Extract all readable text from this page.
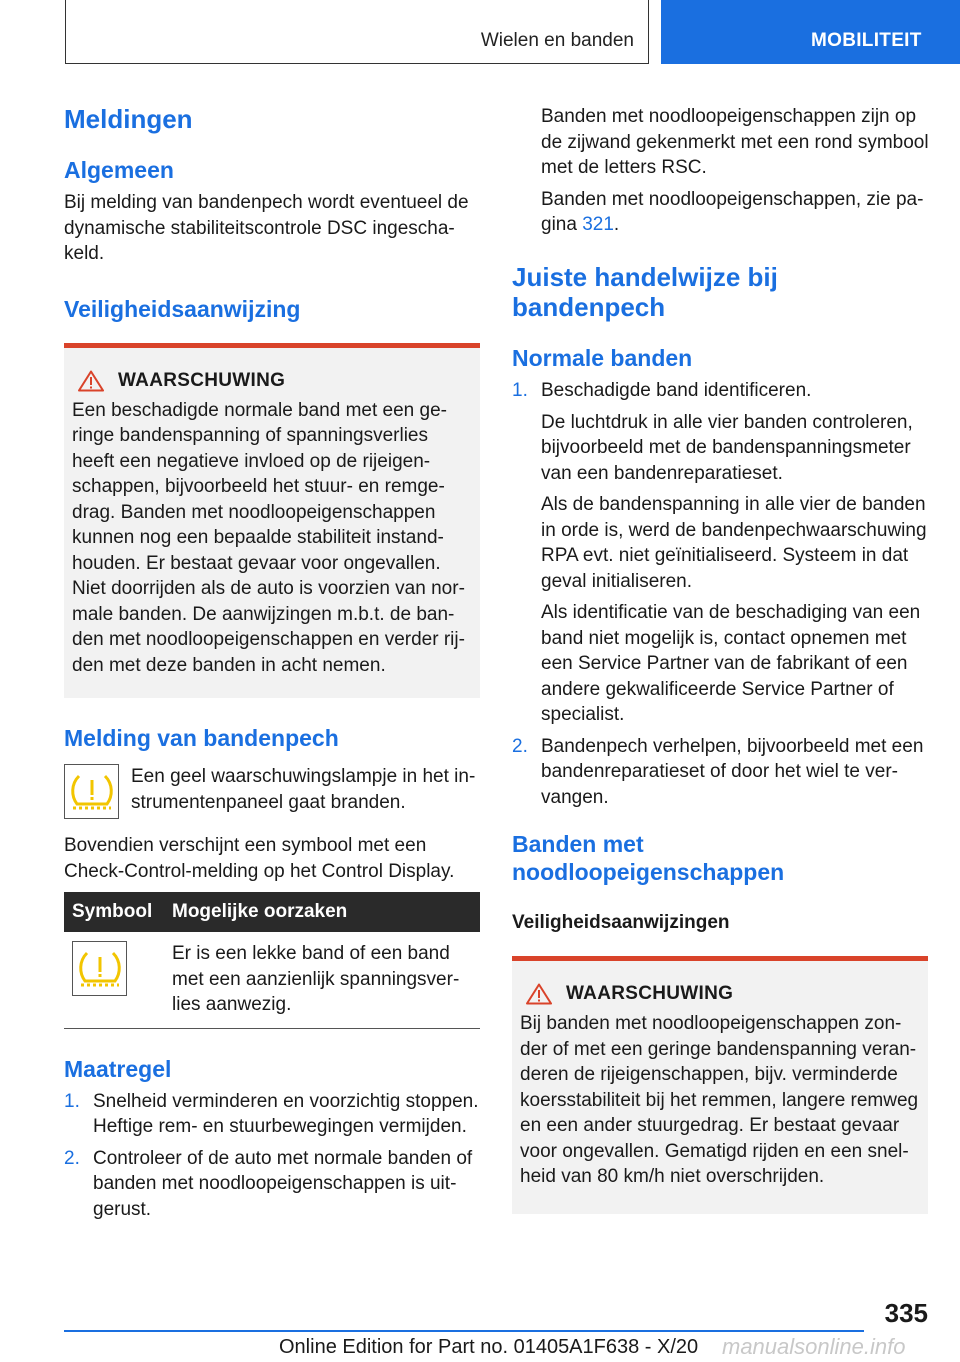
Wielen en banden	MOBILITEIT
Meldingen
Algemeen

Bij melding van bandenpech wordt eventueel de dynamische stabiliteitscontrole DSC ingeschakeld.

Veiligheidsaanwijzing
WAARSCHUWING

Een beschadigde normale band met een geringe bandenspanning of spanningsverlies heeft een negatieve invloed op de rijeigenschappen, bijvoorbeeld het stuur- en remgedrag. Banden met noodloopeigenschappen kunnen nog een bepaalde stabiliteit instandhouden. Er bestaat gevaar voor ongevallen. Niet doorrijden als de auto is voorzien van normale banden. De aanwijzingen m.b.t. de banden met noodloopeigenschappen en verder rijden met deze banden in acht nemen.

Melding van bandenpech

Een geel waarschuwingslampje in het instrumentenpaneel gaat branden.

Bovendien verschijnt een symbool met een Check-Control-melding op het Control Display.

Symbool	Mogelijke oorzaken

	Er is een lekke band of een band met een aanzienlijk spanningsverlies aanwezig.
Maatregel
1. Snelheid verminderen en voorzichtig stoppen. Heftige rem- en stuurbewegingen vermijden.

2. Controleer of de auto met normale banden of banden met noodloopeigenschappen is uitgerust.

Banden met noodloopeigenschappen zijn op de zijwand gekenmerkt met een rond symbool met de letters RSC.

Banden met noodloopeigenschappen, zie pagina 321.

Juiste handelwijze bij bandenpech
Normale banden
1. Beschadigde band identificeren.

De luchtdruk in alle vier banden controleren, bijvoorbeeld met de bandenspanningsmeter van een bandenreparatieset.

Als de bandenspanning in alle vier de banden in orde is, werd de bandenpechwaarschuwing RPA evt. niet geïnitialiseerd. Systeem in dat geval initialiseren.

Als identificatie van de beschadiging van een band niet mogelijk is, contact opnemen met een Service Partner van de fabrikant of een andere gekwalificeerde Service Partner of specialist.

2. Bandenpech verhelpen, bijvoorbeeld met een bandenreparatieset of door het wiel te vervangen.

Banden met noodloopeigenschappen
Veiligheidsaanwijzingen
WAARSCHUWING

Bij banden met noodloopeigenschappen zonder of met een geringe bandenspanning veranderen de rijeigenschappen, bijv. verminderde koersstabiliteit bij het remmen, langere remweg en een ander stuurgedrag. Er bestaat gevaar voor ongevallen. Gematigd rijden en een snelheid van 80 km/h niet overschrijden.

335
Online Edition for Part no. 01405A1F638 - X/20 manualsonline.info
